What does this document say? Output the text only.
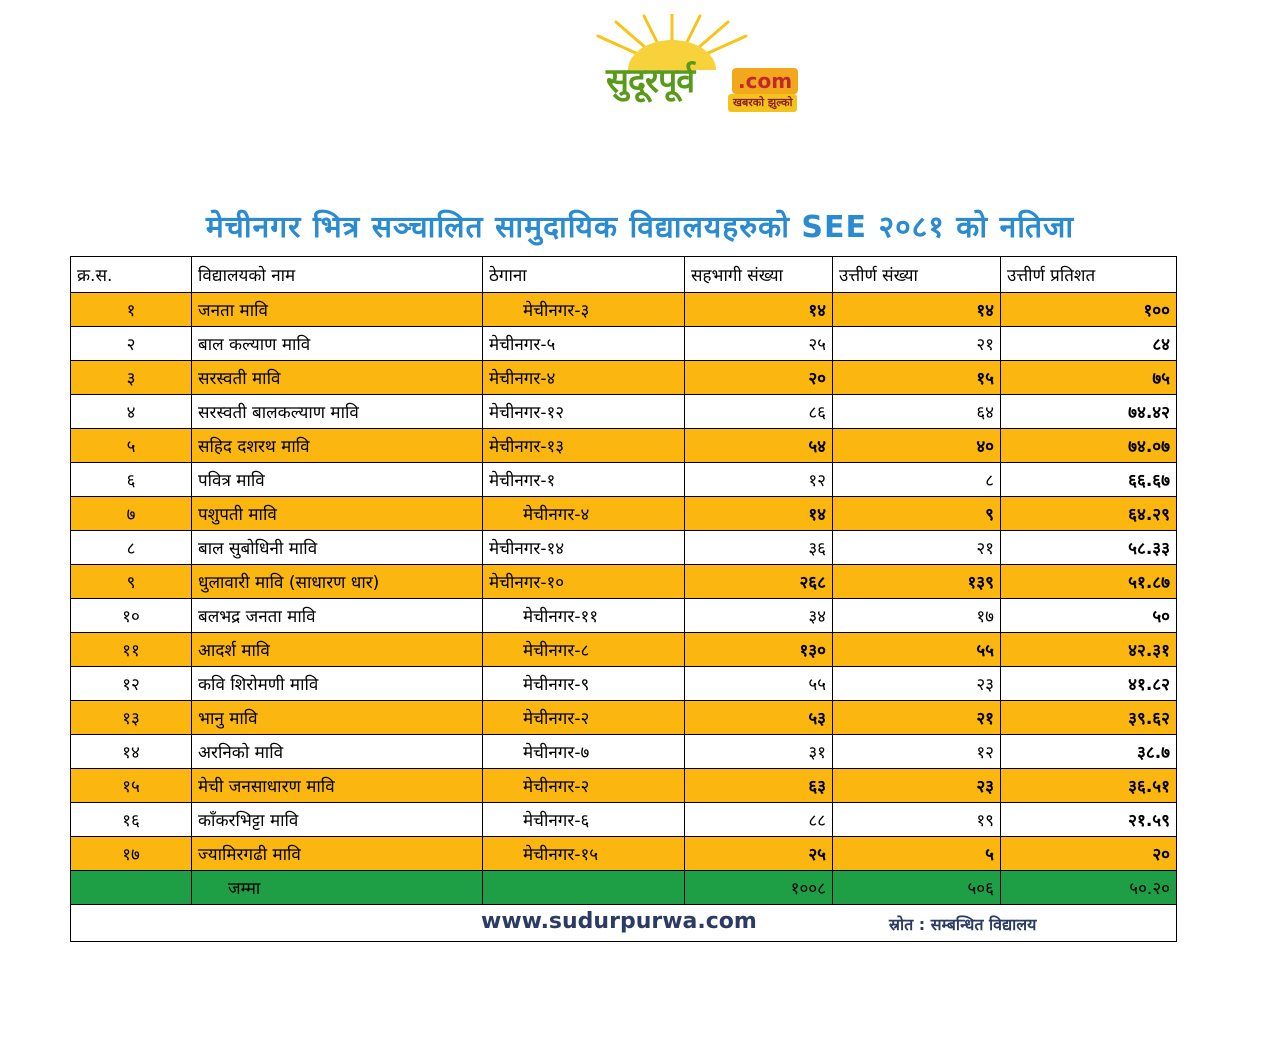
सुदूरपूर्व	.com
खबरको झुल्को
मेचीनगर भित्र सञ्चालित सामुदायिक विद्यालयहरुको SEE २०८१ को नतिजा
क्र.स.	विद्यालयको नाम	ठेगाना	सहभागी संख्या	उत्तीर्ण संख्या	उत्तीर्ण प्रतिशत
१	जनता मावि	मेचीनगर-३	१४	१४	१००
२	बाल कल्याण मावि	मेचीनगर-५	२५	२१	८४
३	सरस्वती मावि	मेचीनगर-४	२०	१५	७५
४	सरस्वती बालकल्याण मावि	मेचीनगर-१२	८६	६४	७४.४२
५	सहिद दशरथ मावि	मेचीनगर-१३	५४	४०	७४.०७
६	पवित्र मावि	मेचीनगर-१	१२	८	६६.६७
७	पशुपती मावि	मेचीनगर-४	१४	९	६४.२९
८	बाल सुबोधिनी मावि	मेचीनगर-१४	३६	२१	५८.३३
९	धुलावारी मावि (साधारण धार)	मेचीनगर-१०	२६८	१३९	५१.८७
१०	बलभद्र जनता मावि	मेचीनगर-११	३४	१७	५०
११	आदर्श मावि	मेचीनगर-८	१३०	५५	४२.३१
१२	कवि शिरोमणी मावि	मेचीनगर-९	५५	२३	४१.८२
१३	भानु मावि	मेचीनगर-२	५३	२१	३९.६२
१४	अरनिको मावि	मेचीनगर-७	३१	१२	३८.७
१५	मेची जनसाधारण मावि	मेचीनगर-२	६३	२३	३६.५१
१६	काँकरभिट्टा मावि	मेचीनगर-६	८८	१९	२१.५९
१७	ज्यामिरगढी मावि	मेचीनगर-१५	२५	५	२०
	जम्मा		१००८	५०६	५०.२०

www.sudurpurwa.com स्रोत : सम्बन्धित विद्यालय					
